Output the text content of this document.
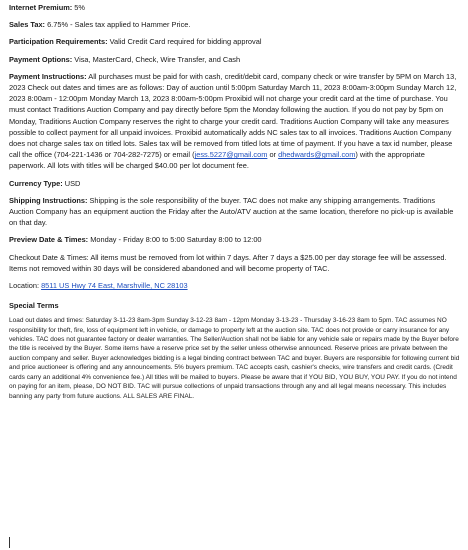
Internet Premium: 5%

Sales Tax: 6.75% - Sales tax applied to Hammer Price.

Participation Requirements: Valid Credit Card required for bidding approval

Payment Options: Visa, MasterCard, Check, Wire Transfer, and Cash

Payment Instructions: All purchases must be paid for with cash, credit/debit card, company check or wire transfer by 5PM on March 13, 2023 Check out dates and times are as follows: Day of auction until 5:00pm Saturday March 11, 2023 8:00am-3:00pm Sunday March 12, 2023 8:00am - 12:00pm Monday March 13, 2023 8:00am-5:00pm Proxibid will not charge your credit card at the time of purchase. You must contact Traditions Auction Company and pay directly before 5pm the Monday following the auction. If you do not pay by 5pm on Monday, Traditions Auction Company reserves the right to charge your credit card. Traditions Auction Company will take any measures possible to collect payment for all unpaid invoices. Proxibid automatically adds NC sales tax to all invoices. Traditions Auction Company does not charge sales tax on titled lots. Sales tax will be removed from titled lots at time of payment. If you have a tax id number, please call the office (704-221-1436 or 704-282-7275) or email (jess.5227@gmail.com or dhedwards@gmail.com) with the appropriate paperwork. All lots with titles will be charged $40.00 per lot document fee.

Currency Type: USD

Shipping Instructions: Shipping is the sole responsibility of the buyer. TAC does not make any shipping arrangements. Traditions Auction Company has an equipment auction the Friday after the Auto/ATV auction at the same location, therefore no pick-up is available on that day.

Preview Date & Times: Monday - Friday 8:00 to 5:00 Saturday 8:00 to 12:00

Checkout Date & Times: All items must be removed from lot within 7 days. After 7 days a $25.00 per day storage fee will be assessed. Items not removed within 30 days will be considered abandoned and will become property of TAC.

Location: 8511 US Hwy 74 East, Marshville, NC 28103

Special Terms

Load out dates and times: Saturday 3-11-23 8am-3pm Sunday 3-12-23 8am - 12pm Monday 3-13-23 - Thursday 3-16-23 8am to 5pm. TAC assumes NO responsibility for theft, fire, loss of equipment left in vehicle, or damage to property left at the auction site. TAC does not provide or carry insurance for any vehicles. TAC does not guarantee factory or dealer warranties. The Seller/Auction shall not be liable for any vehicle sale or repairs made by the Buyer before the title is received by the Buyer. Some items have a reserve price set by the seller unless otherwise announced. Reserve prices are private between the auction company and seller. Buyer acknowledges bidding is a legal binding contract between TAC and buyer. Buyers are responsible for following current bid and price auctioneer is offering and any announcements. 5% buyers premium. TAC accepts cash, cashier's checks, wire transfers and credit cards. (Credit cards carry an additional 4% convenience fee.) All titles will be mailed to buyers. Please be aware that if YOU BID, YOU BUY, YOU PAY. If you do not intend on paying for an item, please, DO NOT BID. TAC will pursue collections of unpaid transactions through any and all legal means necessary. This includes banning any party from future auctions. ALL SALES ARE FINAL.
